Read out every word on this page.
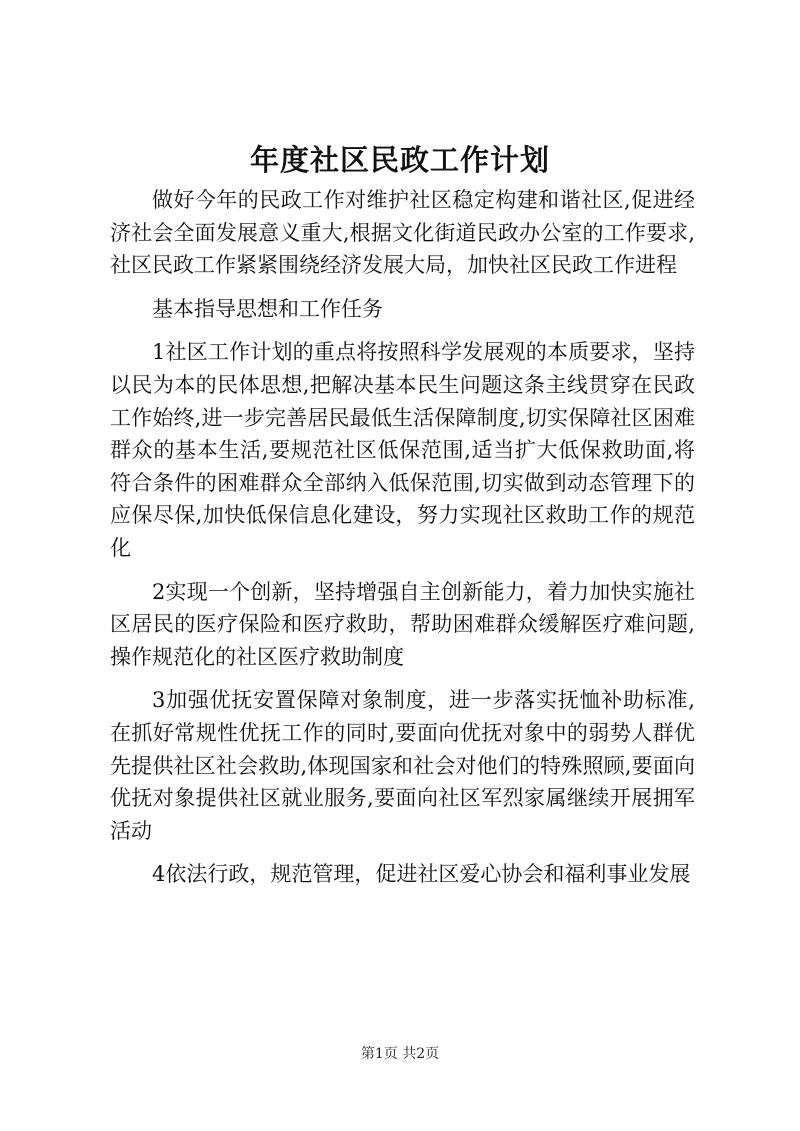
年度社区民政工作计划

做好今年的民政工作对维护社区稳定构建和谐社区,促进经济社会全面发展意义重大,根据文化街道民政办公室的工作要求,社区民政工作紧紧围绕经济发展大局，加快社区民政工作进程

基本指导思想和工作任务

1社区工作计划的重点将按照科学发展观的本质要求，坚持以民为本的民体思想,把解决基本民生问题这条主线贯穿在民政工作始终,进一步完善居民最低生活保障制度,切实保障社区困难群众的基本生活,要规范社区低保范围,适当扩大低保救助面,将符合条件的困难群众全部纳入低保范围,切实做到动态管理下的应保尽保,加快低保信息化建设，努力实现社区救助工作的规范化

2实现一个创新，坚持增强自主创新能力，着力加快实施社区居民的医疗保险和医疗救助，帮助困难群众缓解医疗难问题,操作规范化的社区医疗救助制度

3加强优抚安置保障对象制度，进一步落实抚恤补助标准,在抓好常规性优抚工作的同时,要面向优抚对象中的弱势人群优先提供社区社会救助,体现国家和社会对他们的特殊照顾,要面向优抚对象提供社区就业服务,要面向社区军烈家属继续开展拥军活动

4依法行政，规范管理，促进社区爱心协会和福利事业发展

第1页 共2页
